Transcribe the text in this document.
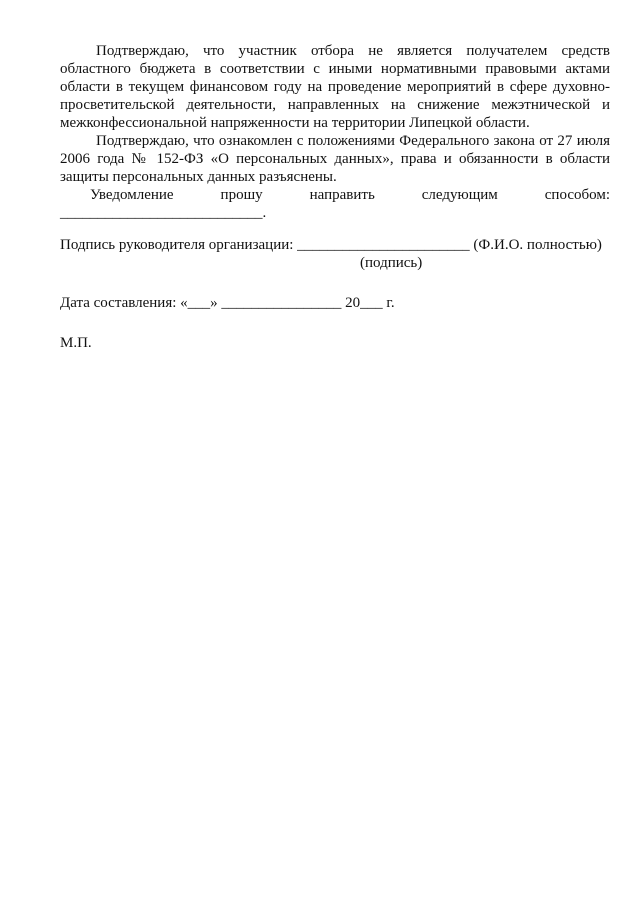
Подтверждаю, что участник отбора не является получателем средств областного бюджета в соответствии с иными нормативными правовыми актами области в текущем финансовом году на проведение мероприятий в сфере духовно-просветительской деятельности, направленных на снижение межэтнической и межконфессиональной напряженности на территории Липецкой области.

Подтверждаю, что ознакомлен с положениями Федерального закона от 27 июля 2006 года № 152-ФЗ «О персональных данных», права и обязанности в области защиты персональных данных разъяснены.

Уведомление прошу направить следующим способом:

___________________________.

Подпись руководителя организации: _______________________ (Ф.И.О. полностью)
(подпись)
Дата составления: «___» ________________ 20___ г.
М.П.
